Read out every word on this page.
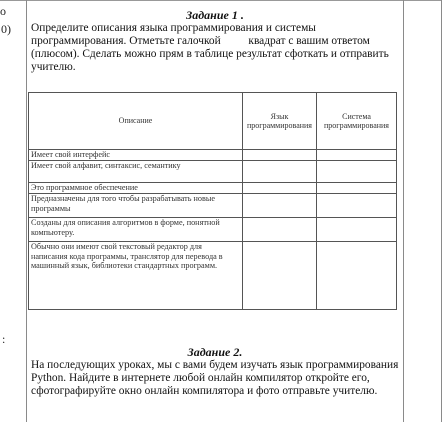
о
0)
:
Задание 1 .
Определите описания языка программирования и системы программирования. Отметьте галочкой квадрат с вашим ответом (плюсом). Сделать можно прям в таблице результат сфоткать и отправить учителю.
Описание	Язык программирования	Система программирования
Имеет свой интерфейс		
Имеет свой алфавит, синтаксис, семантику		
Это программное обеспечение		
Предназначены для того чтобы разрабатывать новые программы		
Созданы для описания алгоритмов в форме, понятной компьютеру.		
Обычно они имеют свой текстовый редактор для написания кода программы, транслятор для перевода в машинный язык, библиотеки стандартных программ.		
Задание 2.
На последующих уроках, мы с вами будем изучать язык программирования Python. Найдите в интернете любой онлайн компилятор откройте его, сфотографируйте окно онлайн компилятора и фото отправьте учителю.
